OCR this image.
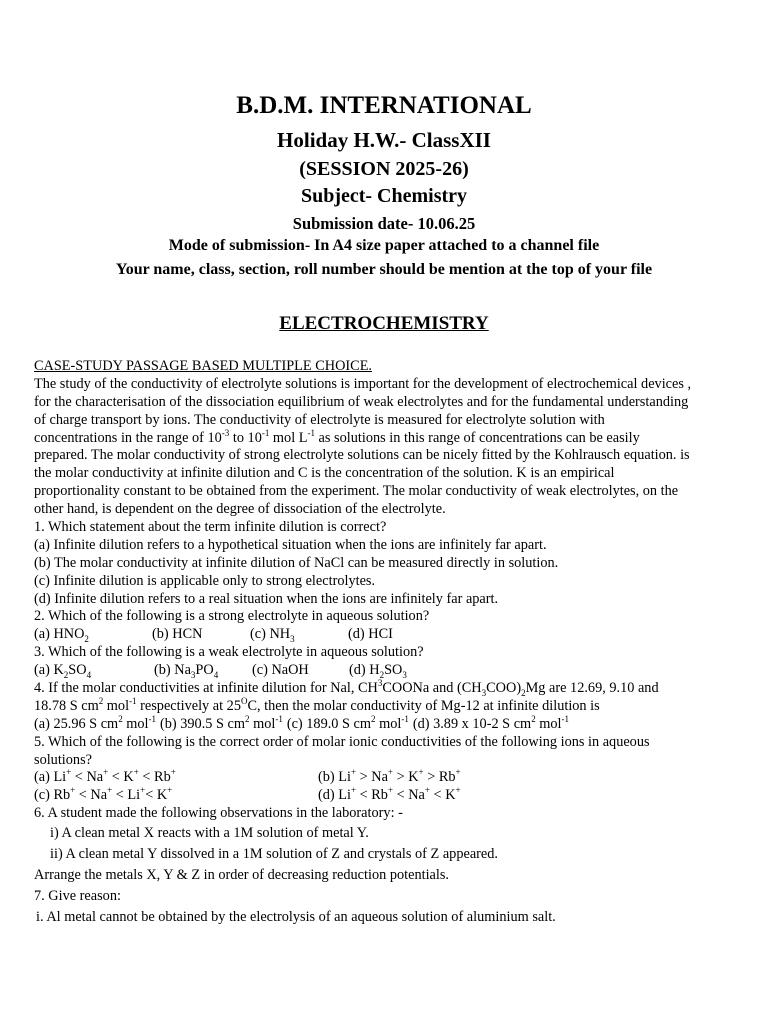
B.D.M. INTERNATIONAL
Holiday H.W.- ClassXII
(SESSION 2025-26)
Subject- Chemistry
Submission date- 10.06.25
Mode of submission- In A4 size paper attached to a channel file
Your name, class, section, roll number should be mention at the top of your file
ELECTROCHEMISTRY
CASE-STUDY PASSAGE BASED MULTIPLE CHOICE.
The study of the conductivity of electrolyte solutions is important for the development of electrochemical devices ,
for the characterisation of the dissociation equilibrium of weak electrolytes and for the fundamental understanding
of charge transport by ions. The conductivity of electrolyte is measured for electrolyte solution with
concentrations in the range of $10^{-3}$ to $10^{-1}$ mol $L^{-1}$ as solutions in this range of concentrations can be easily
prepared. The molar conductivity of strong electrolyte solutions can be nicely fitted by the Kohlrausch equation. is
the molar conductivity at infinite dilution and C is the concentration of the solution. K is an empirical
proportionality constant to be obtained from the experiment. The molar conductivity of weak electrolytes, on the
other hand, is dependent on the degree of dissociation of the electrolyte.
1. Which statement about the term infinite dilution is correct?
(a) Infinite dilution refers to a hypothetical situation when the ions are infinitely far apart.
(b) The molar conductivity at infinite dilution of NaCl can be measured directly in solution.
(c) Infinite dilution is applicable only to strong electrolytes.
(d) Infinite dilution refers to a real situation when the ions are infinitely far apart.
2. Which of the following is a strong electrolyte in aqueous solution?
(a) $HNO_2$	(b) HCN	(c) $NH_3$	(d) HCI
3. Which of the following is a weak electrolyte in aqueous solution?
(a) $K_2SO_4$	(b) $Na_3PO_4$ (c) NaOH	(d) $H_2SO_3$
4. If the molar conductivities at infinite dilution for Nal, $CH^3COONa$ and $(CH_3COO)_2Mg$ are 12.69, 9.10 and
18.78 S $cm^2$ mol$^{-1}$ respectively at $25^OC$, then the molar conductivity of Mg-12 at infinite dilution is
(a) 25.96 S $cm^2$ mol$^{-1}$ (b) 390.5 S $cm^2$ mol$^{-1}$ (c) 189.0 S $cm^2$ mol$^{-1}$ (d) 3.89 x 10-2 S $cm^2$ mol$^{-1}$
5. Which of the following is the correct order of molar ionic conductivities of the following ions in aqueous
solutions?
(a) Li+ < Na+ < K+ < Rb+	(b) Li+ > Na+ > K+ > Rb+
(c) Rb+ < Na+ < Li+< K+	(d) Li+ < Rb+ < Na+ < K+
6. A student made the following observations in the laboratory: -
i) A clean metal X reacts with a 1M solution of metal Y.
ii) A clean metal Y dissolved in a 1M solution of Z and crystals of Z appeared.
Arrange the metals X, Y & Z in order of decreasing reduction potentials.
7. Give reason:
i. Al metal cannot be obtained by the electrolysis of an aqueous solution of aluminium salt.
